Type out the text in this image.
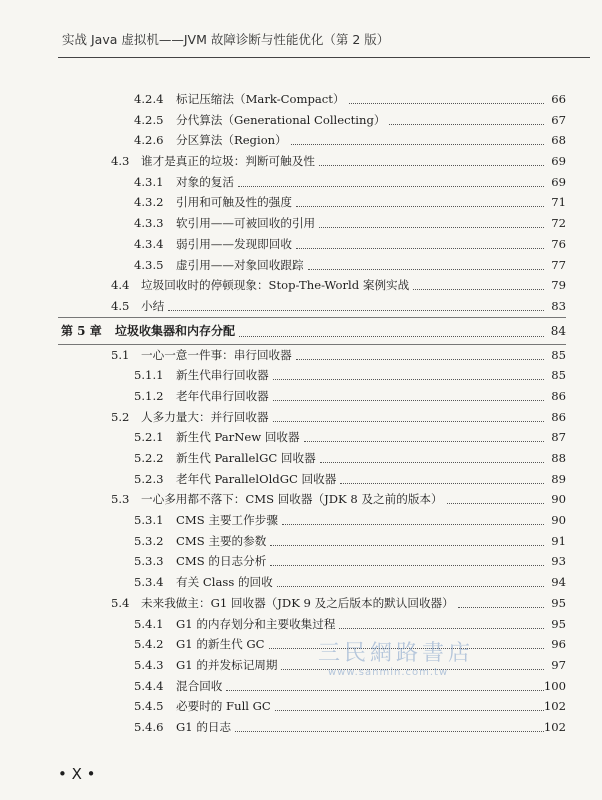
实战 Java 虚拟机——JVM 故障诊断与性能优化（第 2 版）
4.2.4 标记压缩法（Mark-Compact）	66
4.2.5 分代算法（Generational Collecting）	67
4.2.6 分区算法（Region）	68
4.3 谁才是真正的垃圾：判断可触及性	69
4.3.1 对象的复活	69
4.3.2 引用和可触及性的强度	71
4.3.3 软引用——可被回收的引用	72
4.3.4 弱引用——发现即回收	76
4.3.5 虚引用——对象回收跟踪	77
4.4 垃圾回收时的停顿现象：Stop-The-World 案例实战	79
4.5 小结	83
第 5 章 垃圾收集器和内存分配	84
5.1 一心一意一件事：串行回收器	85
5.1.1 新生代串行回收器	85
5.1.2 老年代串行回收器	86
5.2 人多力量大：并行回收器	86
5.2.1 新生代 ParNew 回收器	87
5.2.2 新生代 ParallelGC 回收器	88
5.2.3 老年代 ParallelOldGC 回收器	89
5.3 一心多用都不落下：CMS 回收器（JDK 8 及之前的版本）	90
5.3.1 CMS 主要工作步骤	90
5.3.2 CMS 主要的参数	91
5.3.3 CMS 的日志分析	93
5.3.4 有关 Class 的回收	94
5.4 未来我做主：G1 回收器（JDK 9 及之后版本的默认回收器）	95
5.4.1 G1 的内存划分和主要收集过程	95
5.4.2 G1 的新生代 GC	96
5.4.3 G1 的并发标记周期	97
5.4.4 混合回收	100
5.4.5 必要时的 Full GC	102
5.4.6 G1 的日志	102
三民網路書店
www.sanmin.com.tw
• X •
